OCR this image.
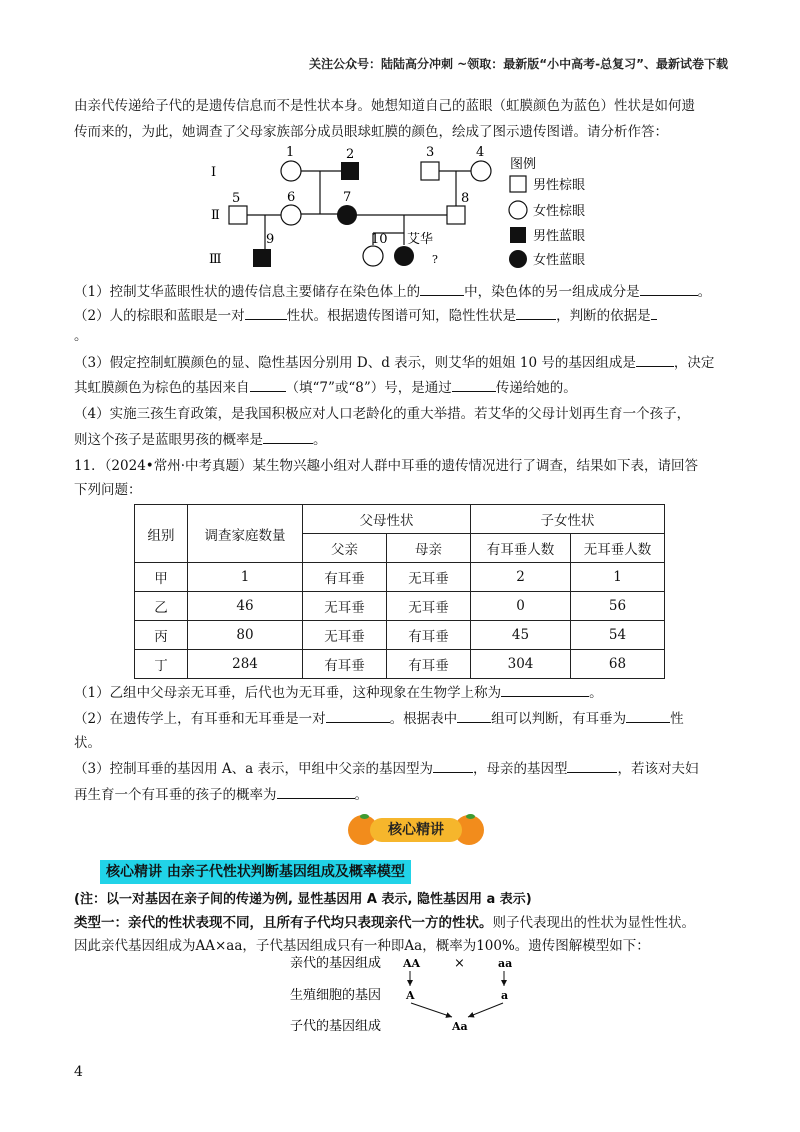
关注公众号：陆陆高分冲刺 ~领取：最新版“小中高考-总复习”、最新试卷下载
由亲代传递给子代的是遗传信息而不是性状本身。她想知道自己的蓝眼（虹膜颜色为蓝色）性状是如何遗
传而来的，为此，她调查了父母家族部分成员眼球虹膜的颜色，绘成了图示遗传图谱。请分析作答：
I
Ⅱ
Ⅲ
1	2	3	4
5	6	7	8
9	10 艾华
?
图例
男性棕眼
女性棕眼
男性蓝眼
女性蓝眼
（1）控制艾华蓝眼性状的遗传信息主要储存在染色体上的	中，染色体的另一组成成分是	。
（2）人的棕眼和蓝眼是一对	性状。根据遗传图谱可知，隐性性状是	，判断的依据是
。
（3）假定控制虹膜颜色的显、隐性基因分别用 D、d 表示，则艾华的姐姐 10 号的基因组成是	，决定
其虹膜颜色为棕色的基因来自	（填“7”或“8”）号，是通过	传递给她的。
（4）实施三孩生育政策，是我国积极应对人口老龄化的重大举措。若艾华的父母计划再生育一个孩子，
则这个孩子是蓝眼男孩的概率是	。
11．（2024•常州·中考真题）某生物兴趣小组对人群中耳垂的遗传情况进行了调查，结果如下表，请回答
下列问题：
组别	调查家庭数量	父母性状		子女性状	
		父亲	母亲	有耳垂人数	无耳垂人数
甲	1	有耳垂	无耳垂	2	1
乙	46	无耳垂	无耳垂	0	56
丙	80	无耳垂	有耳垂	45	54
丁	284	有耳垂	有耳垂	304	68
（1）乙组中父母亲无耳垂，后代也为无耳垂，这种现象在生物学上称为	。
（2）在遗传学上，有耳垂和无耳垂是一对	。根据表中	组可以判断，有耳垂为	性
状。
（3）控制耳垂的基因用 A、a 表示，甲组中父亲的基因型为	，母亲的基因型	，若该对夫妇
再生育一个有耳垂的孩子的概率为	。
核心精讲
核心精讲 由亲子代性状判断基因组成及概率模型
(注：以一对基因在亲子间的传递为例, 显性基因用 A 表示, 隐性基因用 a 表示)
类型一：亲代的性状表现不同，且所有子代均只表现亲代一方的性状。则子代表现出的性状为显性性状。
因此亲代基因组成为AA×aa，子代基因组成只有一种即Aa，概率为100%。遗传图解模型如下：
亲代的基因组成
生殖细胞的基因
子代的基因组成
AA	×	aa
A	a
Aa
4
